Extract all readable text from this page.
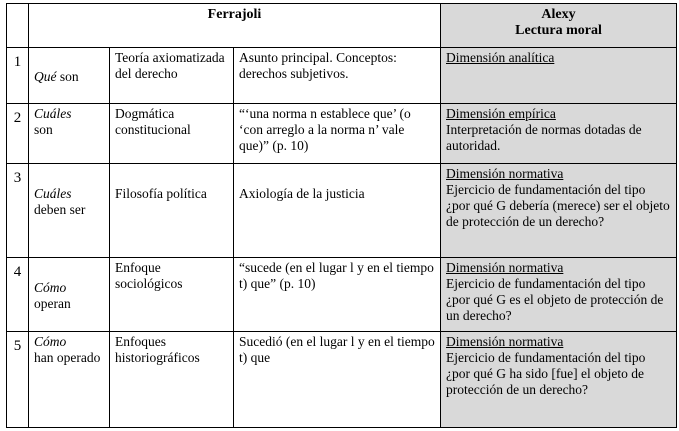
	Ferrajoli			Alexy
Lectura moral

1	Qué son	Teoría axiomatizada del derecho	Asunto principal. Conceptos: derechos subjetivos.	Dimensión analítica

2	Cuáles
son	Dogmática constitucional	“‘una norma n establece que’ (o ‘con arreglo a la norma n’ vale que)” (p. 10)	Dimensión empírica
Interpretación de normas dotadas de autoridad.

3	Cuáles
deben ser	Filosofía política	Axiología de la justicia	Dimensión normativa
Ejercicio de fundamentación del tipo ¿por qué G debería (merece) ser el objeto de protección de un derecho?

4	Cómo
operan	Enfoque sociológicos	“sucede (en el lugar l y en el tiempo t) que” (p. 10)	Dimensión normativa
Ejercicio de fundamentación del tipo ¿por qué G es el objeto de protección de un derecho?

5	Cómo
han operado	Enfoques historiográficos	Sucedió (en el lugar l y en el tiempo t) que	Dimensión normativa
Ejercicio de fundamentación del tipo ¿por qué G ha sido [fue] el objeto de protección de un derecho?
